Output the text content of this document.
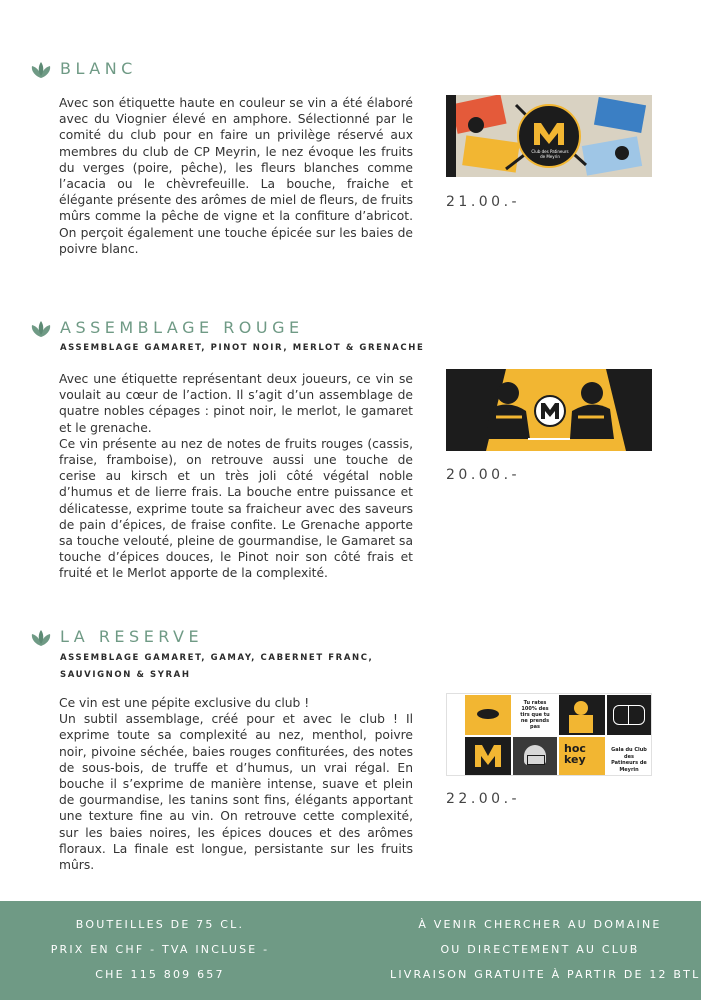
BLANC

Avec son étiquette haute en couleur se vin a été élaboré avec du Viognier élevé en amphore. Sélectionné par le comité du club pour en faire un privilège réservé aux membres du club de CP Meyrin, le nez évoque les fruits du verges (poire, pêche), les fleurs blanches comme l’acacia ou le chèvrefeuille. La bouche, fraiche et élégante présente des arômes de miel de fleurs, de fruits mûrs comme la pêche de vigne et la confiture d’abricot. On perçoit également une touche épicée sur les baies de poivre blanc.

Club des Patineurs de Meyrin
21.00.-
ASSEMBLAGE ROUGE
ASSEMBLAGE GAMARET, PINOT NOIR, MERLOT & GRENACHE

Avec une étiquette représentant deux joueurs, ce vin se voulait au cœur de l’action. Il s’agit d’un assemblage de quatre nobles cépages : pinot noir, le merlot, le gamaret et le grenache.

Ce vin présente au nez de notes de fruits rouges (cassis, fraise, framboise), on retrouve aussi une touche de cerise au kirsch et un très joli côté végétal noble d’humus et de lierre frais. La bouche entre puissance et délicatesse, exprime toute sa fraicheur avec des saveurs de pain d’épices, de fraise confite. Le Grenache apporte sa touche velouté, pleine de gourmandise, le Gamaret sa touche d’épices douces, le Pinot noir son côté frais et fruité et le Merlot apporte de la complexité.

20.00.-
LA RESERVE
ASSEMBLAGE GAMARET, GAMAY, CABERNET FRANC,
SAUVIGNON & SYRAH

Ce vin est une pépite exclusive du club !

Un subtil assemblage, créé pour et avec le club ! Il exprime toute sa complexité au nez, menthol, poivre noir, pivoine séchée, baies rouges confiturées, des notes de sous-bois, de truffe et d’humus, un vrai régal. En bouche il s’exprime de manière intense, suave et plein de gourmandise, les tanins sont fins, élégants apportant une texture fine au vin. On retrouve cette complexité, sur les baies noires, les épices douces et des arômes floraux. La finale est longue, persistante sur les fruits mûrs.

Tu rates 100% des tirs que tu ne prends pas
hoc key
Gala du Club des Patineurs de Meyrin
22.00.-
BOUTEILLES DE 75 CL.
PRIX EN CHF - TVA INCLUSE -
CHE 115 809 657
À VENIR CHERCHER AU DOMAINE
OU DIRECTEMENT AU CLUB
LIVRAISON GRATUITE À PARTIR DE 12 BTL
